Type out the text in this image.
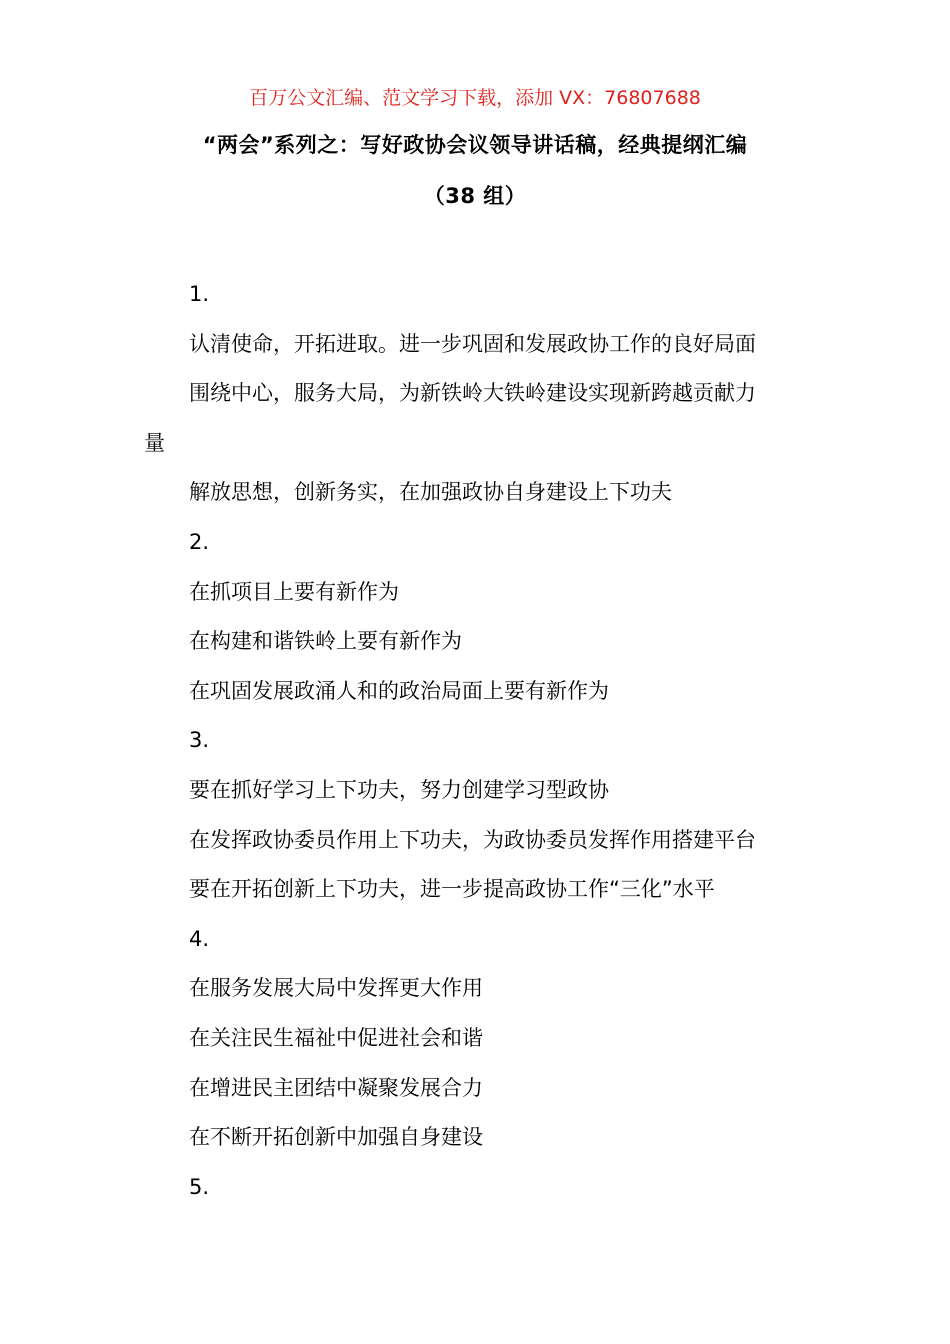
百万公文汇编、范文学习下载，添加 VX：76807688
“两会”系列之：写好政协会议领导讲话稿，经典提纲汇编
（38 组）
1.
认清使命，开拓进取。进一步巩固和发展政协工作的良好局面
围绕中心，服务大局，为新铁岭大铁岭建设实现新跨越贡献力
量
解放思想，创新务实，在加强政协自身建设上下功夫
2.
在抓项目上要有新作为
在构建和谐铁岭上要有新作为
在巩固发展政涌人和的政治局面上要有新作为
3.
要在抓好学习上下功夫，努力创建学习型政协
在发挥政协委员作用上下功夫，为政协委员发挥作用搭建平台
要在开拓创新上下功夫，进一步提高政协工作“三化”水平
4.
在服务发展大局中发挥更大作用
在关注民生福祉中促进社会和谐
在增进民主团结中凝聚发展合力
在不断开拓创新中加强自身建设
5.
